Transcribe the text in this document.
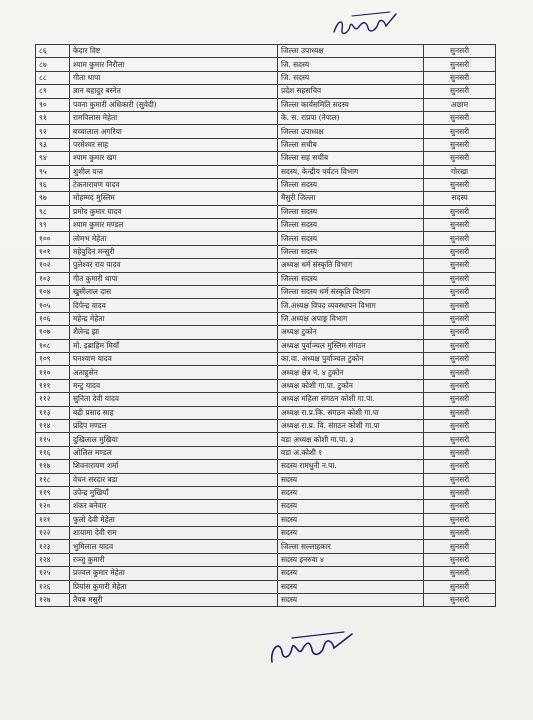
८६	केदार विष्ट	जिल्ला उपाध्यक्ष	सुनसरी
८७	श्याम कुमार निरौला	जि. सदस्य	सुनसरी
८८	गीता थापा	जि. सदस्य	सुनसरी
८९	ज्ञान बहादुर बस्नेत	प्रदेश सहसचिव	सुनसरी
९०	पवना कुमारी अधिकारी (सुवेदी)	जिल्ला कार्यसमिति सदस्य	अछाम
९१	रामविलास मेहेता	के. स. राप्रपा (नेपाल)	सुनसरी
९२	बच्चालाल अगरिया	जिल्ला उपाध्यक्ष	सुनसरी
९३	परमेश्वर साह	जिल्ला सचीब	सुनसरी
९४	श्याम कुमार खग	जिल्ला सह सचीब	सुनसरी
९५	शुशील पन्त	सदस्य, केन्द्रीय पर्यटन विभाग	गोरखा
९६	टेकनारायण यादव	जिल्ला सदस्य	सुनसरी
९७	मोहम्मद मुस्लिम	मैसुरी जिल्ला	सदस्य
९८	प्रमोद कुमार यादव	जिल्ला सदस्य	सुनसरी
९९	श्याम कुमार मण्डल	जिल्ला सदस्य	सुनसरी
१००	लोमभ मेहेता	जिल्ला सदस्य	सुनसरी
१०१	महेवुदिन मन्सुरी	जिल्ला सदस्य	सुनसरी
१०२	पुलेश्वर राय यादव	अध्यक्ष धर्म संस्कृति विभाग	सुनसरी
१०३	गीत कुमारी थापा	जिल्ला सदस्य	सुनसरी
१०४	खुसीलाल दास	जिल्ला सदस्य धर्म संस्कृति विभाग	सुनसरी
१०५	दिपेन्द्र यादव	जि.अध्यक्ष विपद व्यवस्थापन विभाग	सुनसरी
१०६	महेन्द्र मेहेता	जि.अध्यक्ष अपाङ्ग विभाग	सुनसरी
१०७	शैलेन्द्र झा	अध्यक्ष टुकोन	सुनसरी
१०८	मो. इब्राहिम मियाँ	अध्यक्ष पुर्वाञ्चल मुस्लिम संगठन	सुनसरी
१०९	घनश्याम यादव	का.वा. अध्यक्ष पुर्वाञ्चल टुकोन	सुनसरी
११०	अताहुसेन	अध्यक्ष क्षेत्र नं. ४ टुकोन	सुनसरी
१११	मन्टु यादव	अध्यक्ष कोशी गा.पा. टुकोन	सुनसरी
११२	सुनिता देवी यादव	अध्यक्ष महिला संगठन कोशी गा.पा.	सुनसरी
११३	बद्री प्रसाद साह	अध्यक्ष रा.प्र.कि. संगठन कोशी गा.पा	सुनसरी
११४	प्रदिप मण्डल	अध्यक्ष रा.प्र. वि. संगठन कोशी गा.पा	सुनसरी
११५	दुखिलाल मुखिया	वडा अध्यक्ष कोशी गा.पा. ३	सुनसरी
११६	ओलिल मण्डल	वडा अ.कोशी १	सुनसरी
११७	शिवनारायण शर्मा	सदस्य रामधुनी न.पा.	सुनसरी
११८	वेचन सरदार बडा	सदस्य	सुनसरी
११९	उपेन्द्र मुखियाँ	सदस्य	सुनसरी
१२०	शंकर बनेवार	सदस्य	सुनसरी
१२१	फुलो देवी मेहेता	सदस्य	सुनसरी
१२२	शायामा देवी राम	सदस्य	सुनसरी
१२३	भुमिलाल यादव	जिल्ला सल्लाहकार	सुनसरी
१२४	रञ्जु कुमारी	सदस्य इनरुवा ४	सुनसरी
१२५	प्रज्वल कुमार मेहेता	सदस्य	सुनसरी
१२६	प्रियांस कुमारी मेहेता	सदस्य	सुनसरी
१२७	तैयब मसुरी	सदस्य	सुनसरी
